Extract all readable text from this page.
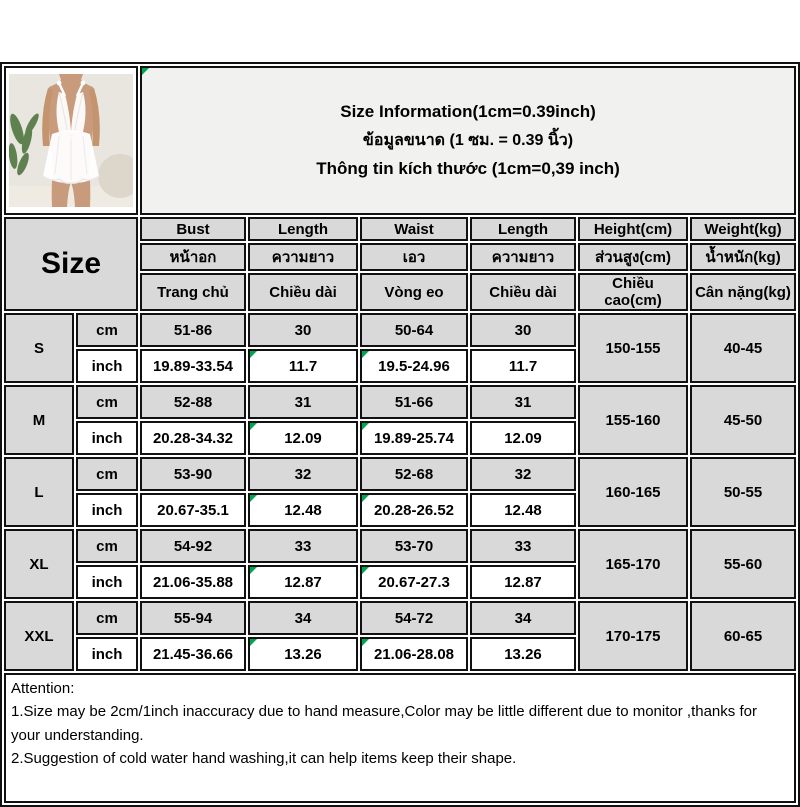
Size Information(1cm=0.39inch)
ข้อมูลขนาด (1 ซม. = 0.39 นิ้ว)
Thông tin kích thước (1cm=0,39 inch)					

Size		Bust	Length	Waist	Length	Height(cm)	Weight(kg)
		หน้าอก	ความยาว	เอว	ความยาว	ส่วนสูง(cm)	น้ำหนัก(kg)
		Trang chủ	Chiều dài	Vòng eo	Chiều dài	Chiều cao(cm)	Cân nặng(kg)
S	cm	51-86	30	50-64	30	150-155	40-45
	inch	19.89-33.54	11.7	19.5-24.96	11.7		
M	cm	52-88	31	51-66	31	155-160	45-50
	inch	20.28-34.32	12.09	19.89-25.74	12.09		
L	cm	53-90	32	52-68	32	160-165	50-55
	inch	20.67-35.1	12.48	20.28-26.52	12.48		
XL	cm	54-92	33	53-70	33	165-170	55-60
	inch	21.06-35.88	12.87	20.67-27.3	12.87		
XXL	cm	55-94	34	54-72	34	170-175	60-65
	inch	21.45-36.66	13.26	21.06-28.08	13.26		

Attention:
1.Size may be 2cm/1inch inaccuracy due to hand measure,Color may be little different due to monitor ,thanks for your understanding.
2.Suggestion of cold water hand washing,it can help items keep their shape.							
